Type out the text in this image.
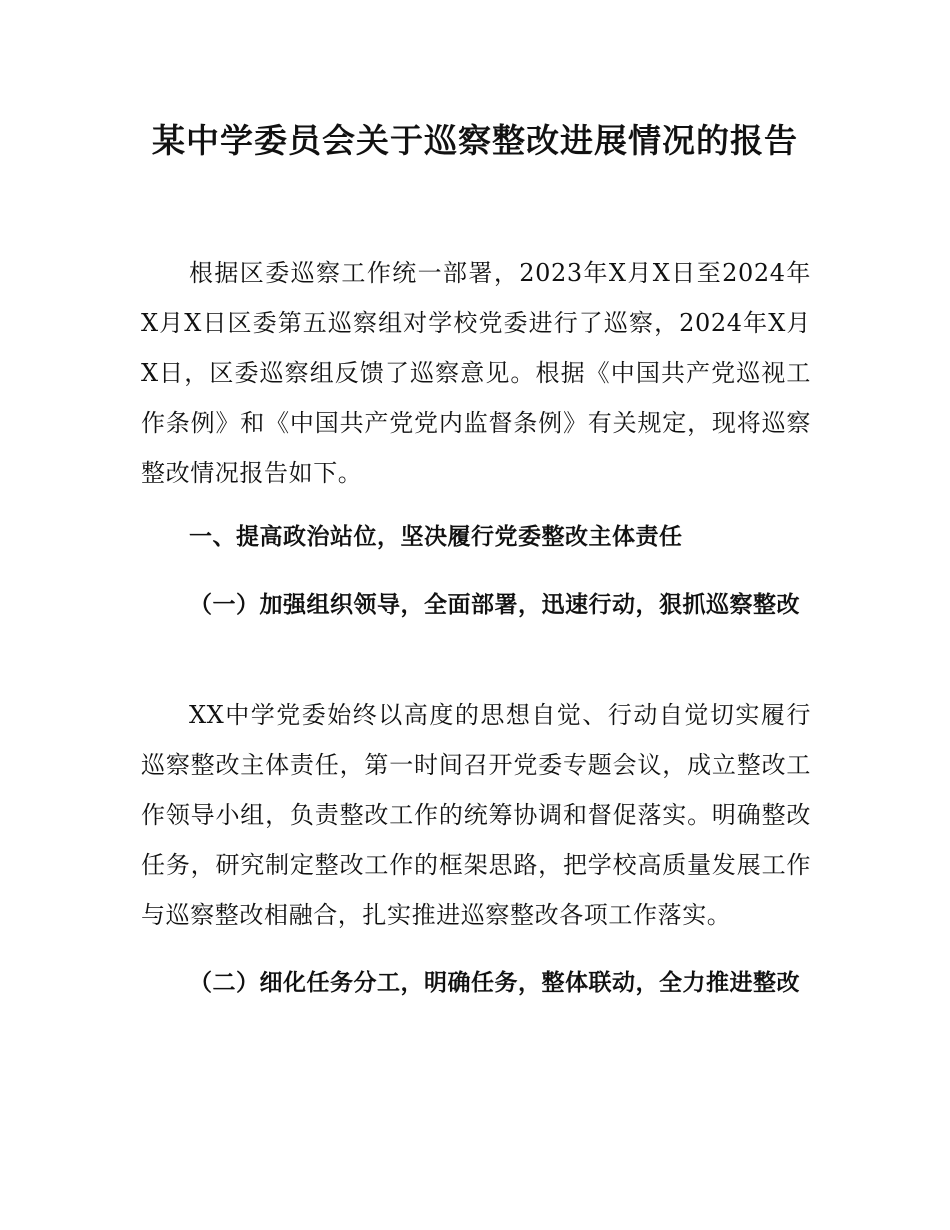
某中学委员会关于巡察整改进展情况的报告

根据区委巡察工作统一部署，2023年X月X日至2024年X月X日区委第五巡察组对学校党委进行了巡察，2024年X月X日，区委巡察组反馈了巡察意见。根据《中国共产党巡视工作条例》和《中国共产党党内监督条例》有关规定，现将巡察整改情况报告如下。

一、提高政治站位，坚决履行党委整改主体责任
（一）加强组织领导，全面部署，迅速行动，狠抓巡察整改

XX中学党委始终以高度的思想自觉、行动自觉切实履行巡察整改主体责任，第一时间召开党委专题会议，成立整改工作领导小组，负责整改工作的统筹协调和督促落实。明确整改任务，研究制定整改工作的框架思路，把学校高质量发展工作与巡察整改相融合，扎实推进巡察整改各项工作落实。

（二）细化任务分工，明确任务，整体联动，全力推进整改
